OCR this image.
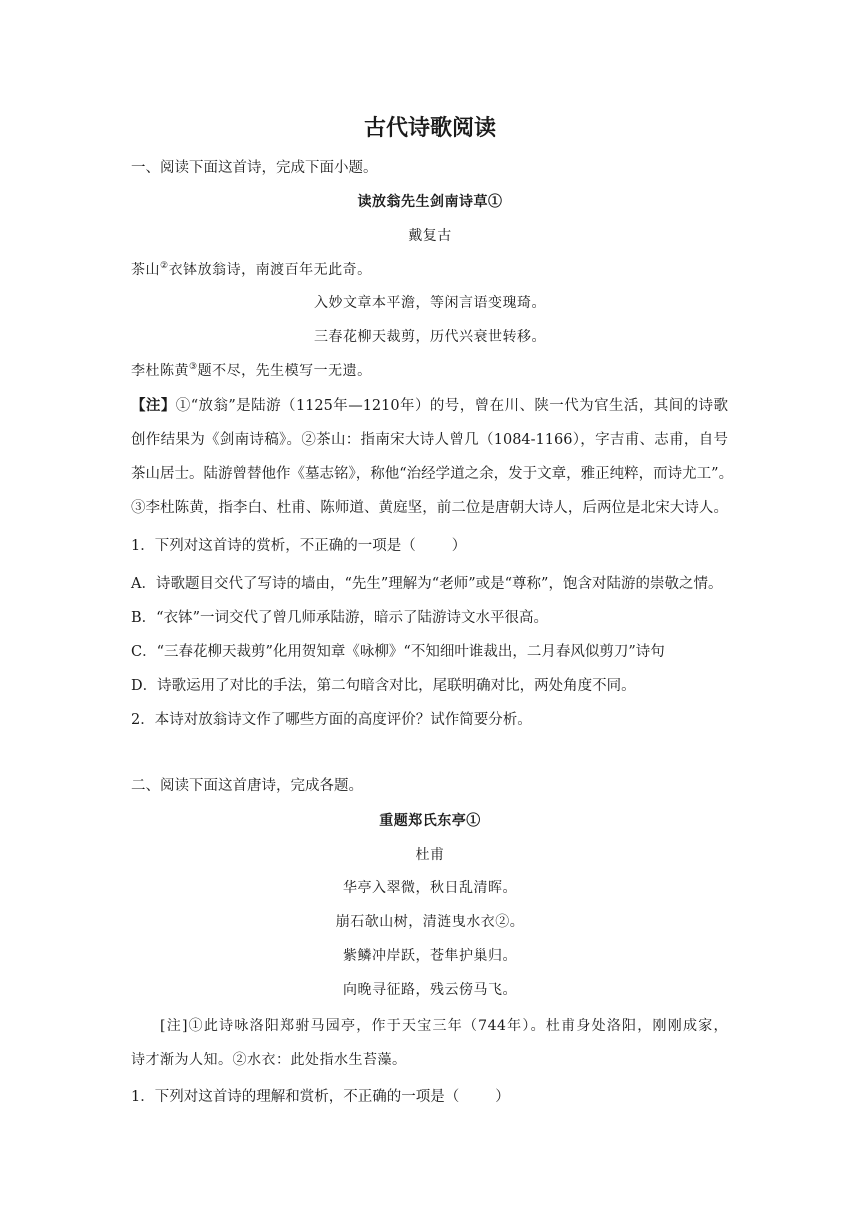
古代诗歌阅读
一、阅读下面这首诗，完成下面小题。
读放翁先生剑南诗草①
戴复古
茶山②衣钵放翁诗，南渡百年无此奇。
入妙文章本平澹，等闲言语变瑰琦。
三春花柳天裁剪，历代兴衰世转移。
李杜陈黄③题不尽，先生模写一无遗。
【注】①“放翁”是陆游（1125年—1210年）的号，曾在川、陕一代为官生活，其间的诗歌
创作结果为《剑南诗稿》。②茶山：指南宋大诗人曾几（1084-1166），字吉甫、志甫，自号
茶山居士。陆游曾替他作《墓志铭》，称他“治经学道之余，发于文章，雅正纯粹，而诗尤工”。
③李杜陈黄，指李白、杜甫、陈师道、黄庭坚，前二位是唐朝大诗人，后两位是北宋大诗人。
1．下列对这首诗的赏析，不正确的一项是（ ）
A．诗歌题目交代了写诗的墙由，“先生”理解为“老师”或是“尊称”，饱含对陆游的崇敬之情。
B．“衣钵”一词交代了曾几师承陆游，暗示了陆游诗文水平很高。
C．“三春花柳天裁剪”化用贺知章《咏柳》“不知细叶谁裁出，二月春风似剪刀”诗句
D．诗歌运用了对比的手法，第二句暗含对比，尾联明确对比，两处角度不同。
2．本诗对放翁诗文作了哪些方面的高度评价？试作简要分析。
二、阅读下面这首唐诗，完成各题。
重题郑氏东亭①
杜甫
华亭入翠微，秋日乱清晖。
崩石欹山树，清涟曳水衣②。
紫鳞冲岸跃，苍隼护巢归。
向晚寻征路，残云傍马飞。
[注]①此诗咏洛阳郑驸马园亭，作于天宝三年（744年）。杜甫身处洛阳，刚刚成家，
诗才渐为人知。②水衣：此处指水生苔藻。
1．下列对这首诗的理解和赏析，不正确的一项是（ ）
